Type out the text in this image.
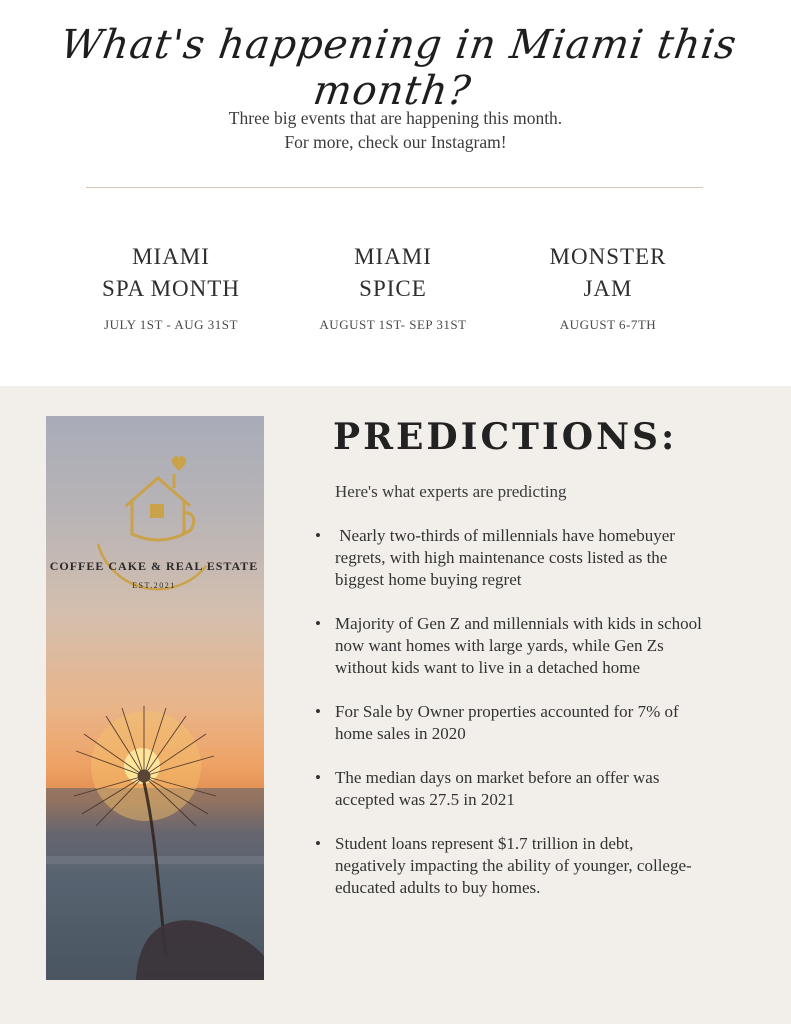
What's happening in Miami this month?
Three big events that are happening this month.
For more, check our Instagram!
MIAMI
SPA MONTH
JULY 1ST - AUG 31ST
MIAMI
SPICE
AUGUST 1ST- SEP 31ST
MONSTER
JAM
AUGUST 6-7TH
COFFEE CAKE & REAL ESTATE
EST.2021
PREDICTIONS:

Here's what experts are predicting

• Nearly two-thirds of millennials have homebuyer regrets, with high maintenance costs listed as the biggest home buying regret
• Majority of Gen Z and millennials with kids in school now want homes with large yards, while Gen Zs without kids want to live in a detached home
• For Sale by Owner properties accounted for 7% of home sales in 2020
• The median days on market before an offer was accepted was 27.5 in 2021
• Student loans represent $1.7 trillion in debt, negatively impacting the ability of younger, college-educated adults to buy homes.
